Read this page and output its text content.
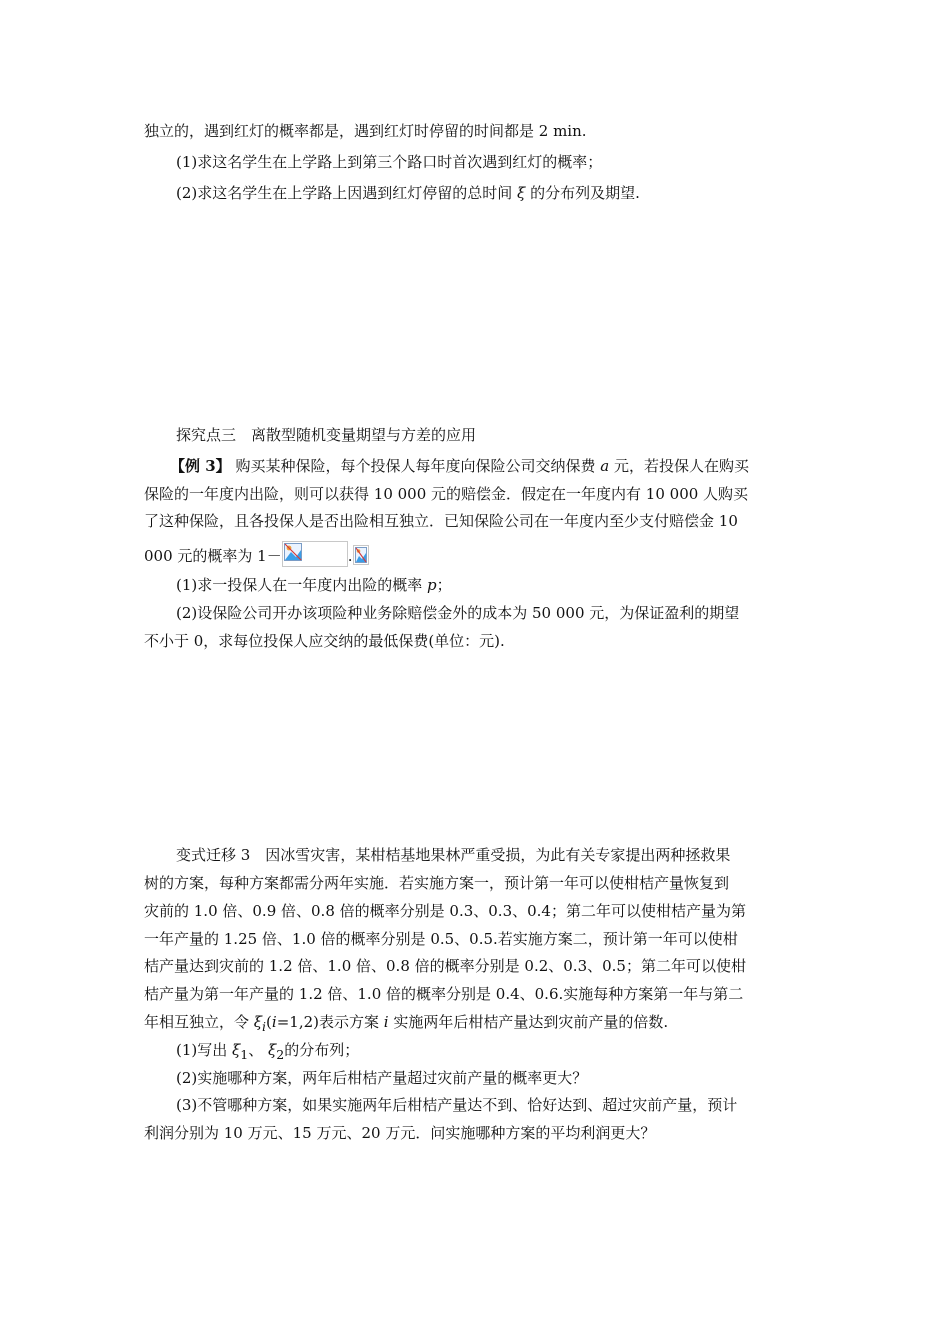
独立的，遇到红灯的概率都是，遇到红灯时停留的时间都是 2 min.
(1)求这名学生在上学路上到第三个路口时首次遇到红灯的概率；
(2)求这名学生在上学路上因遇到红灯停留的总时间 ξ 的分布列及期望.
探究点三　离散型随机变量期望与方差的应用
【例 3】 购买某种保险，每个投保人每年度向保险公司交纳保费 a 元，若投保人在购买
保险的一年度内出险，则可以获得 10 000 元的赔偿金．假定在一年度内有 10 000 人购买
了这种保险，且各投保人是否出险相互独立．已知保险公司在一年度内至少支付赔偿金 10
000 元的概率为 1－	.
(1)求一投保人在一年度内出险的概率 p；
(2)设保险公司开办该项险种业务除赔偿金外的成本为 50 000 元，为保证盈利的期望
不小于 0，求每位投保人应交纳的最低保费(单位：元).
变式迁移 3　因冰雪灾害，某柑桔基地果林严重受损，为此有关专家提出两种拯救果
树的方案，每种方案都需分两年实施．若实施方案一，预计第一年可以使柑桔产量恢复到
灾前的 1.0 倍、0.9 倍、0.8 倍的概率分别是 0.3、0.3、0.4；第二年可以使柑桔产量为第
一年产量的 1.25 倍、1.0 倍的概率分别是 0.5、0.5.若实施方案二，预计第一年可以使柑
桔产量达到灾前的 1.2 倍、1.0 倍、0.8 倍的概率分别是 0.2、0.3、0.5；第二年可以使柑
桔产量为第一年产量的 1.2 倍、1.0 倍的概率分别是 0.4、0.6.实施每种方案第一年与第二
年相互独立，令 $\xi_i(i=1,2)$表示方案 i 实施两年后柑桔产量达到灾前产量的倍数.
(1)写出 $\xi_1$、 $\xi_2$的分布列；
(2)实施哪种方案，两年后柑桔产量超过灾前产量的概率更大？
(3)不管哪种方案，如果实施两年后柑桔产量达不到、恰好达到、超过灾前产量，预计
利润分别为 10 万元、15 万元、20 万元．问实施哪种方案的平均利润更大？
